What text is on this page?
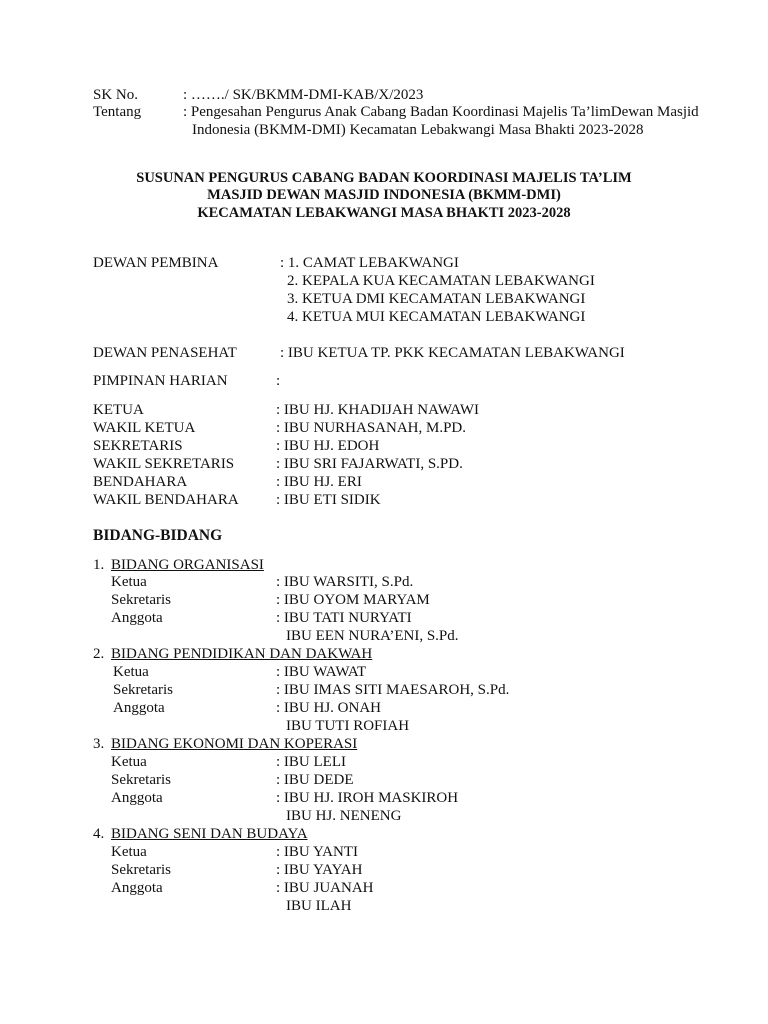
SK No.	: ……./ SK/BKMM-DMI-KAB/X/2023
Tentang	: Pengesahan Pengurus Anak Cabang Badan Koordinasi Majelis Ta’limDewan Masjid
Indonesia (BKMM-DMI) Kecamatan Lebakwangi Masa Bhakti 2023-2028
SUSUNAN PENGURUS CABANG BADAN KOORDINASI MAJELIS TA’LIM
MASJID DEWAN MASJID INDONESIA (BKMM-DMI)
KECAMATAN LEBAKWANGI MASA BHAKTI 2023-2028
DEWAN PEMBINA	: 1. CAMAT LEBAKWANGI
2. KEPALA KUA KECAMATAN LEBAKWANGI
3. KETUA DMI KECAMATAN LEBAKWANGI
4. KETUA MUI KECAMATAN LEBAKWANGI
DEWAN PENASEHAT	: IBU KETUA TP. PKK KECAMATAN LEBAKWANGI
PIMPINAN HARIAN	:
KETUA	: IBU HJ. KHADIJAH NAWAWI
WAKIL KETUA	: IBU NURHASANAH, M.PD.
SEKRETARIS	: IBU HJ. EDOH
WAKIL SEKRETARIS	: IBU SRI FAJARWATI, S.PD.
BENDAHARA	: IBU HJ. ERI
WAKIL BENDAHARA : IBU ETI SIDIK
BIDANG-BIDANG
1. BIDANG ORGANISASI
Ketua	: IBU WARSITI, S.Pd.
Sekretaris	: IBU OYOM MARYAM
Anggota	: IBU TATI NURYATI
IBU EEN NURA’ENI, S.Pd.
2. BIDANG PENDIDIKAN DAN DAKWAH
Ketua	: IBU WAWAT
Sekretaris	: IBU IMAS SITI MAESAROH, S.Pd.
Anggota	: IBU HJ. ONAH
IBU TUTI ROFIAH
3. BIDANG EKONOMI DAN KOPERASI
Ketua	: IBU LELI
Sekretaris	: IBU DEDE
Anggota	: IBU HJ. IROH MASKIROH
IBU HJ. NENENG
4. BIDANG SENI DAN BUDAYA
Ketua	: IBU YANTI
Sekretaris	: IBU YAYAH
Anggota	: IBU JUANAH
IBU ILAH
